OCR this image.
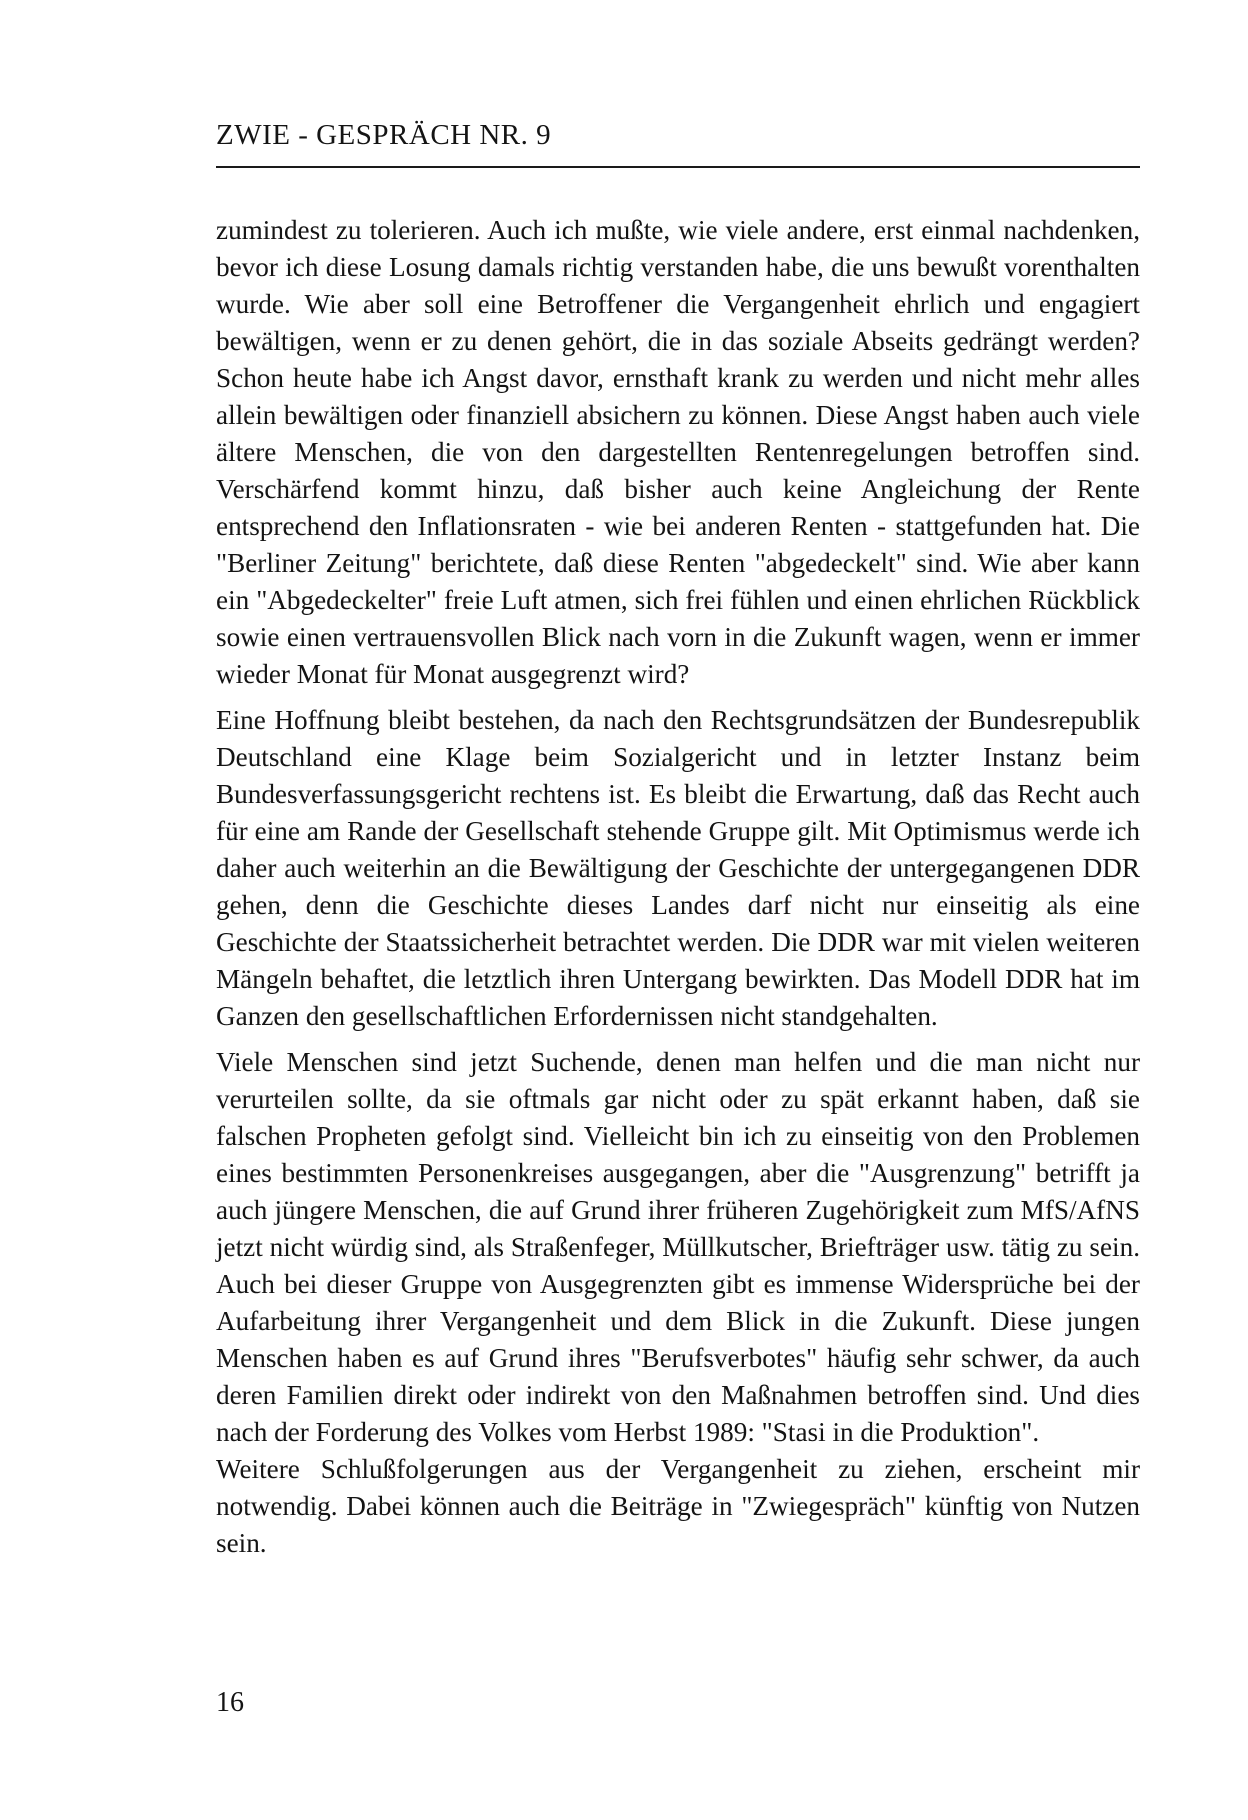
ZWIE - GESPRÄCH NR. 9

zumindest zu tolerieren. Auch ich mußte, wie viele andere, erst einmal nachdenken, bevor ich diese Losung damals richtig verstanden habe, die uns bewußt vorenthalten wurde. Wie aber soll eine Betroffener die Vergangenheit ehrlich und engagiert bewältigen, wenn er zu denen gehört, die in das soziale Abseits gedrängt werden? Schon heute habe ich Angst davor, ernsthaft krank zu werden und nicht mehr alles allein bewältigen oder finanziell absichern zu können. Diese Angst haben auch viele ältere Menschen, die von den dargestellten Rentenregelungen betroffen sind. Verschärfend kommt hinzu, daß bisher auch keine Angleichung der Rente entsprechend den Inflationsraten - wie bei anderen Renten - stattgefunden hat. Die "Berliner Zeitung" berichtete, daß diese Renten "abgedeckelt" sind. Wie aber kann ein "Abgedeckelter" freie Luft atmen, sich frei fühlen und einen ehrlichen Rückblick sowie einen vertrauensvollen Blick nach vorn in die Zukunft wagen, wenn er immer wieder Monat für Monat ausgegrenzt wird?

Eine Hoffnung bleibt bestehen, da nach den Rechtsgrundsätzen der Bundesrepublik Deutschland eine Klage beim Sozialgericht und in letzter Instanz beim Bundesverfassungsgericht rechtens ist. Es bleibt die Erwartung, daß das Recht auch für eine am Rande der Gesellschaft stehende Gruppe gilt. Mit Optimismus werde ich daher auch weiterhin an die Bewältigung der Geschichte der untergegangenen DDR gehen, denn die Geschichte dieses Landes darf nicht nur einseitig als eine Geschichte der Staatssicherheit betrachtet werden. Die DDR war mit vielen weiteren Mängeln behaftet, die letztlich ihren Untergang bewirkten. Das Modell DDR hat im Ganzen den gesellschaftlichen Erfordernissen nicht standgehalten.

Viele Menschen sind jetzt Suchende, denen man helfen und die man nicht nur verurteilen sollte, da sie oftmals gar nicht oder zu spät erkannt haben, daß sie falschen Propheten gefolgt sind. Vielleicht bin ich zu einseitig von den Problemen eines bestimmten Personenkreises ausgegangen, aber die "Ausgrenzung" betrifft ja auch jüngere Menschen, die auf Grund ihrer früheren Zugehörigkeit zum MfS/AfNS jetzt nicht würdig sind, als Straßenfeger, Müllkutscher, Briefträger usw. tätig zu sein. Auch bei dieser Gruppe von Ausgegrenzten gibt es immense Widersprüche bei der Aufarbeitung ihrer Vergangenheit und dem Blick in die Zukunft. Diese jungen Menschen haben es auf Grund ihres "Berufsverbotes" häufig sehr schwer, da auch deren Familien direkt oder indirekt von den Maßnahmen betroffen sind. Und dies nach der Forderung des Volkes vom Herbst 1989: "Stasi in die Produktion".

Weitere Schlußfolgerungen aus der Vergangenheit zu ziehen, erscheint mir notwendig. Dabei können auch die Beiträge in "Zwiegespräch" künftig von Nutzen sein.

16
